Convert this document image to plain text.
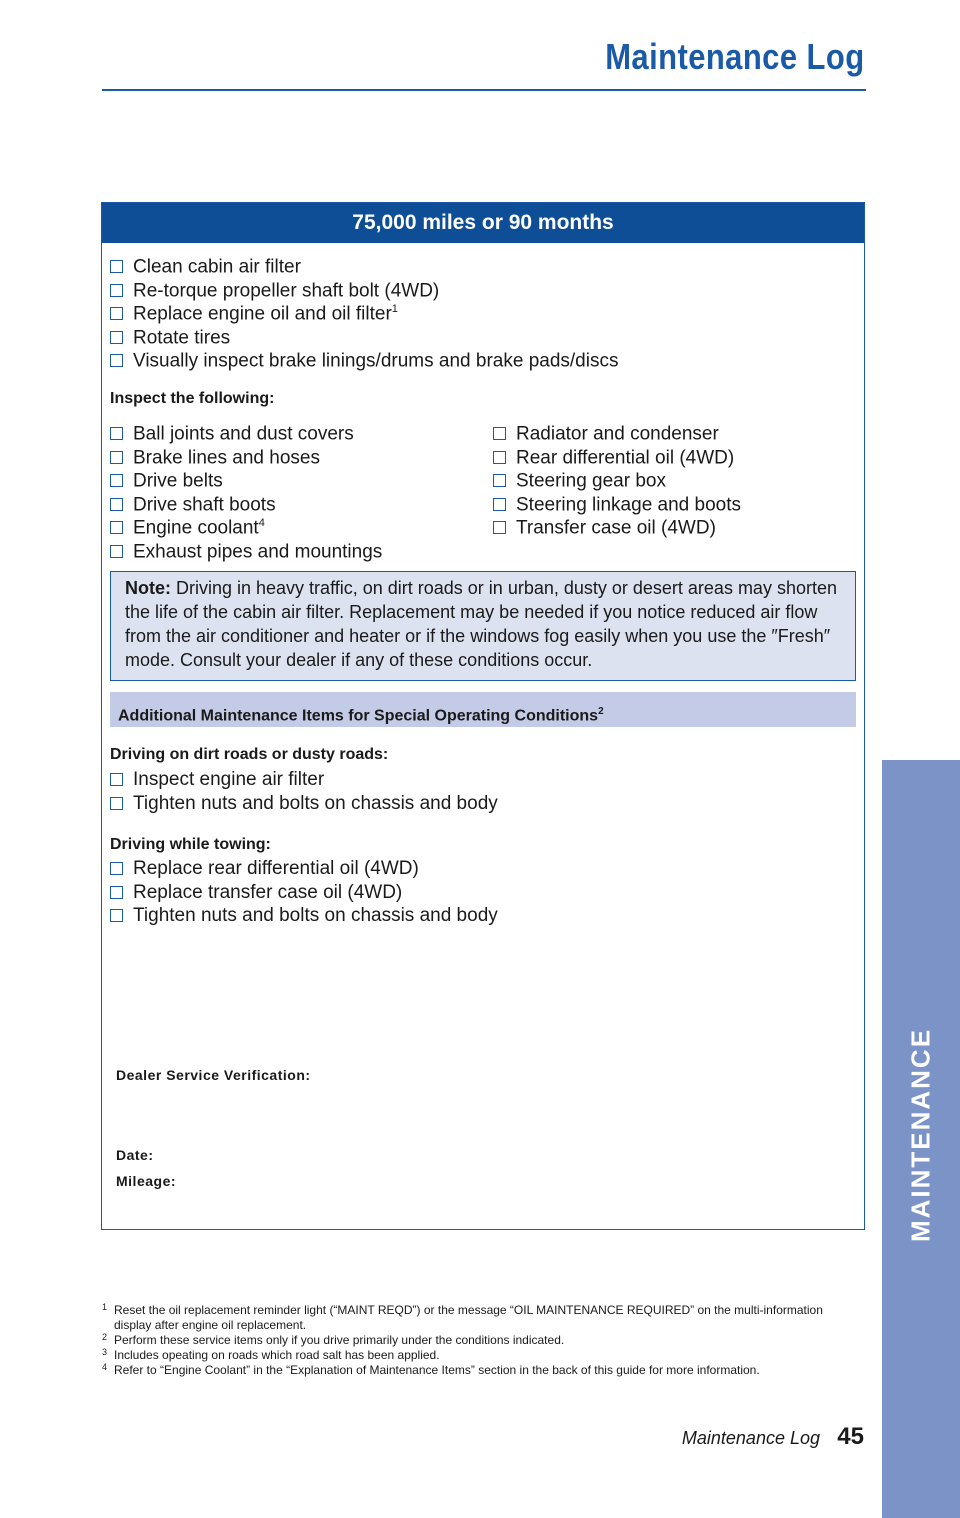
Maintenance Log
MAINTENANCE
75,000 miles or 90 months
Clean cabin air filter
Re-torque propeller shaft bolt (4WD)
Replace engine oil and oil filter$^1$
Rotate tires
Visually inspect brake linings/drums and brake pads/discs
Inspect the following:
Ball joints and dust covers
Brake lines and hoses
Drive belts
Drive shaft boots
Engine coolant$^4$
Exhaust pipes and mountings
Radiator and condenser
Rear differential oil (4WD)
Steering gear box
Steering linkage and boots
Transfer case oil (4WD)
Note: Driving in heavy traffic, on dirt roads or in urban, dusty or desert areas may shorten the life of the cabin air filter. Replacement may be needed if you notice reduced air flow from the air conditioner and heater or if the windows fog easily when you use the ″Fresh″ mode. Consult your dealer if any of these conditions occur.
Additional Maintenance Items for Special Operating Conditions$^2$
Driving on dirt roads or dusty roads:
Inspect engine air filter
Tighten nuts and bolts on chassis and body
Driving while towing:
Replace rear differential oil (4WD)
Replace transfer case oil (4WD)
Tighten nuts and bolts on chassis and body
Dealer Service Verification:
Date:
Mileage:
1 Reset the oil replacement reminder light (“MAINT REQD”) or the message “OIL MAINTENANCE REQUIRED” on the multi-information display after engine oil replacement.
2 Perform these service items only if you drive primarily under the conditions indicated.
3 Includes opeating on roads which road salt has been applied.
4 Refer to “Engine Coolant” in the “Explanation of Maintenance Items” section in the back of this guide for more information.
Maintenance Log 45
